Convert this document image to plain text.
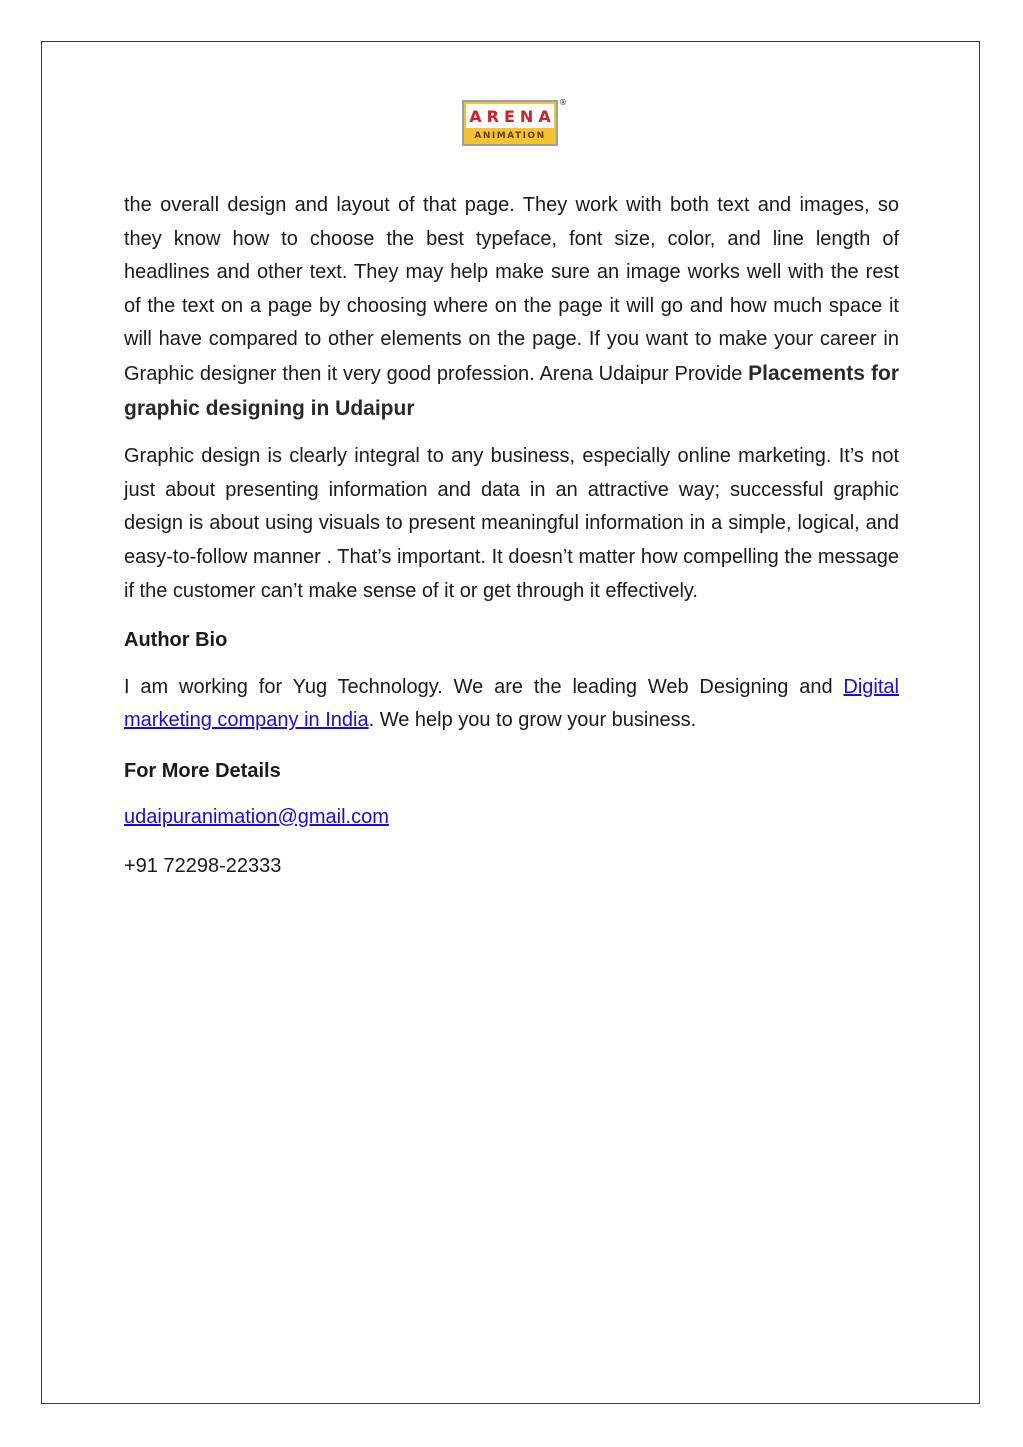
ARENA
ANIMATION
®

the overall design and layout of that page. They work with both text and images, so they know how to choose the best typeface, font size, color, and line length of headlines and other text. They may help make sure an image works well with the rest of the text on a page by choosing where on the page it will go and how much space it will have compared to other elements on the page. If you want to make your career in Graphic designer then it very good profession. Arena Udaipur Provide Placements for graphic designing in Udaipur

Graphic design is clearly integral to any business, especially online marketing. It’s not just about presenting information and data in an attractive way; successful graphic design is about using visuals to present meaningful information in a simple, logical, and easy-to-follow manner . That’s important. It doesn’t matter how compelling the message if the customer can’t make sense of it or get through it effectively.

Author Bio

I am working for Yug Technology. We are the leading Web Designing and Digital marketing company in India. We help you to grow your business.

For More Details

udaipuranimation@gmail.com

+91 72298-22333
